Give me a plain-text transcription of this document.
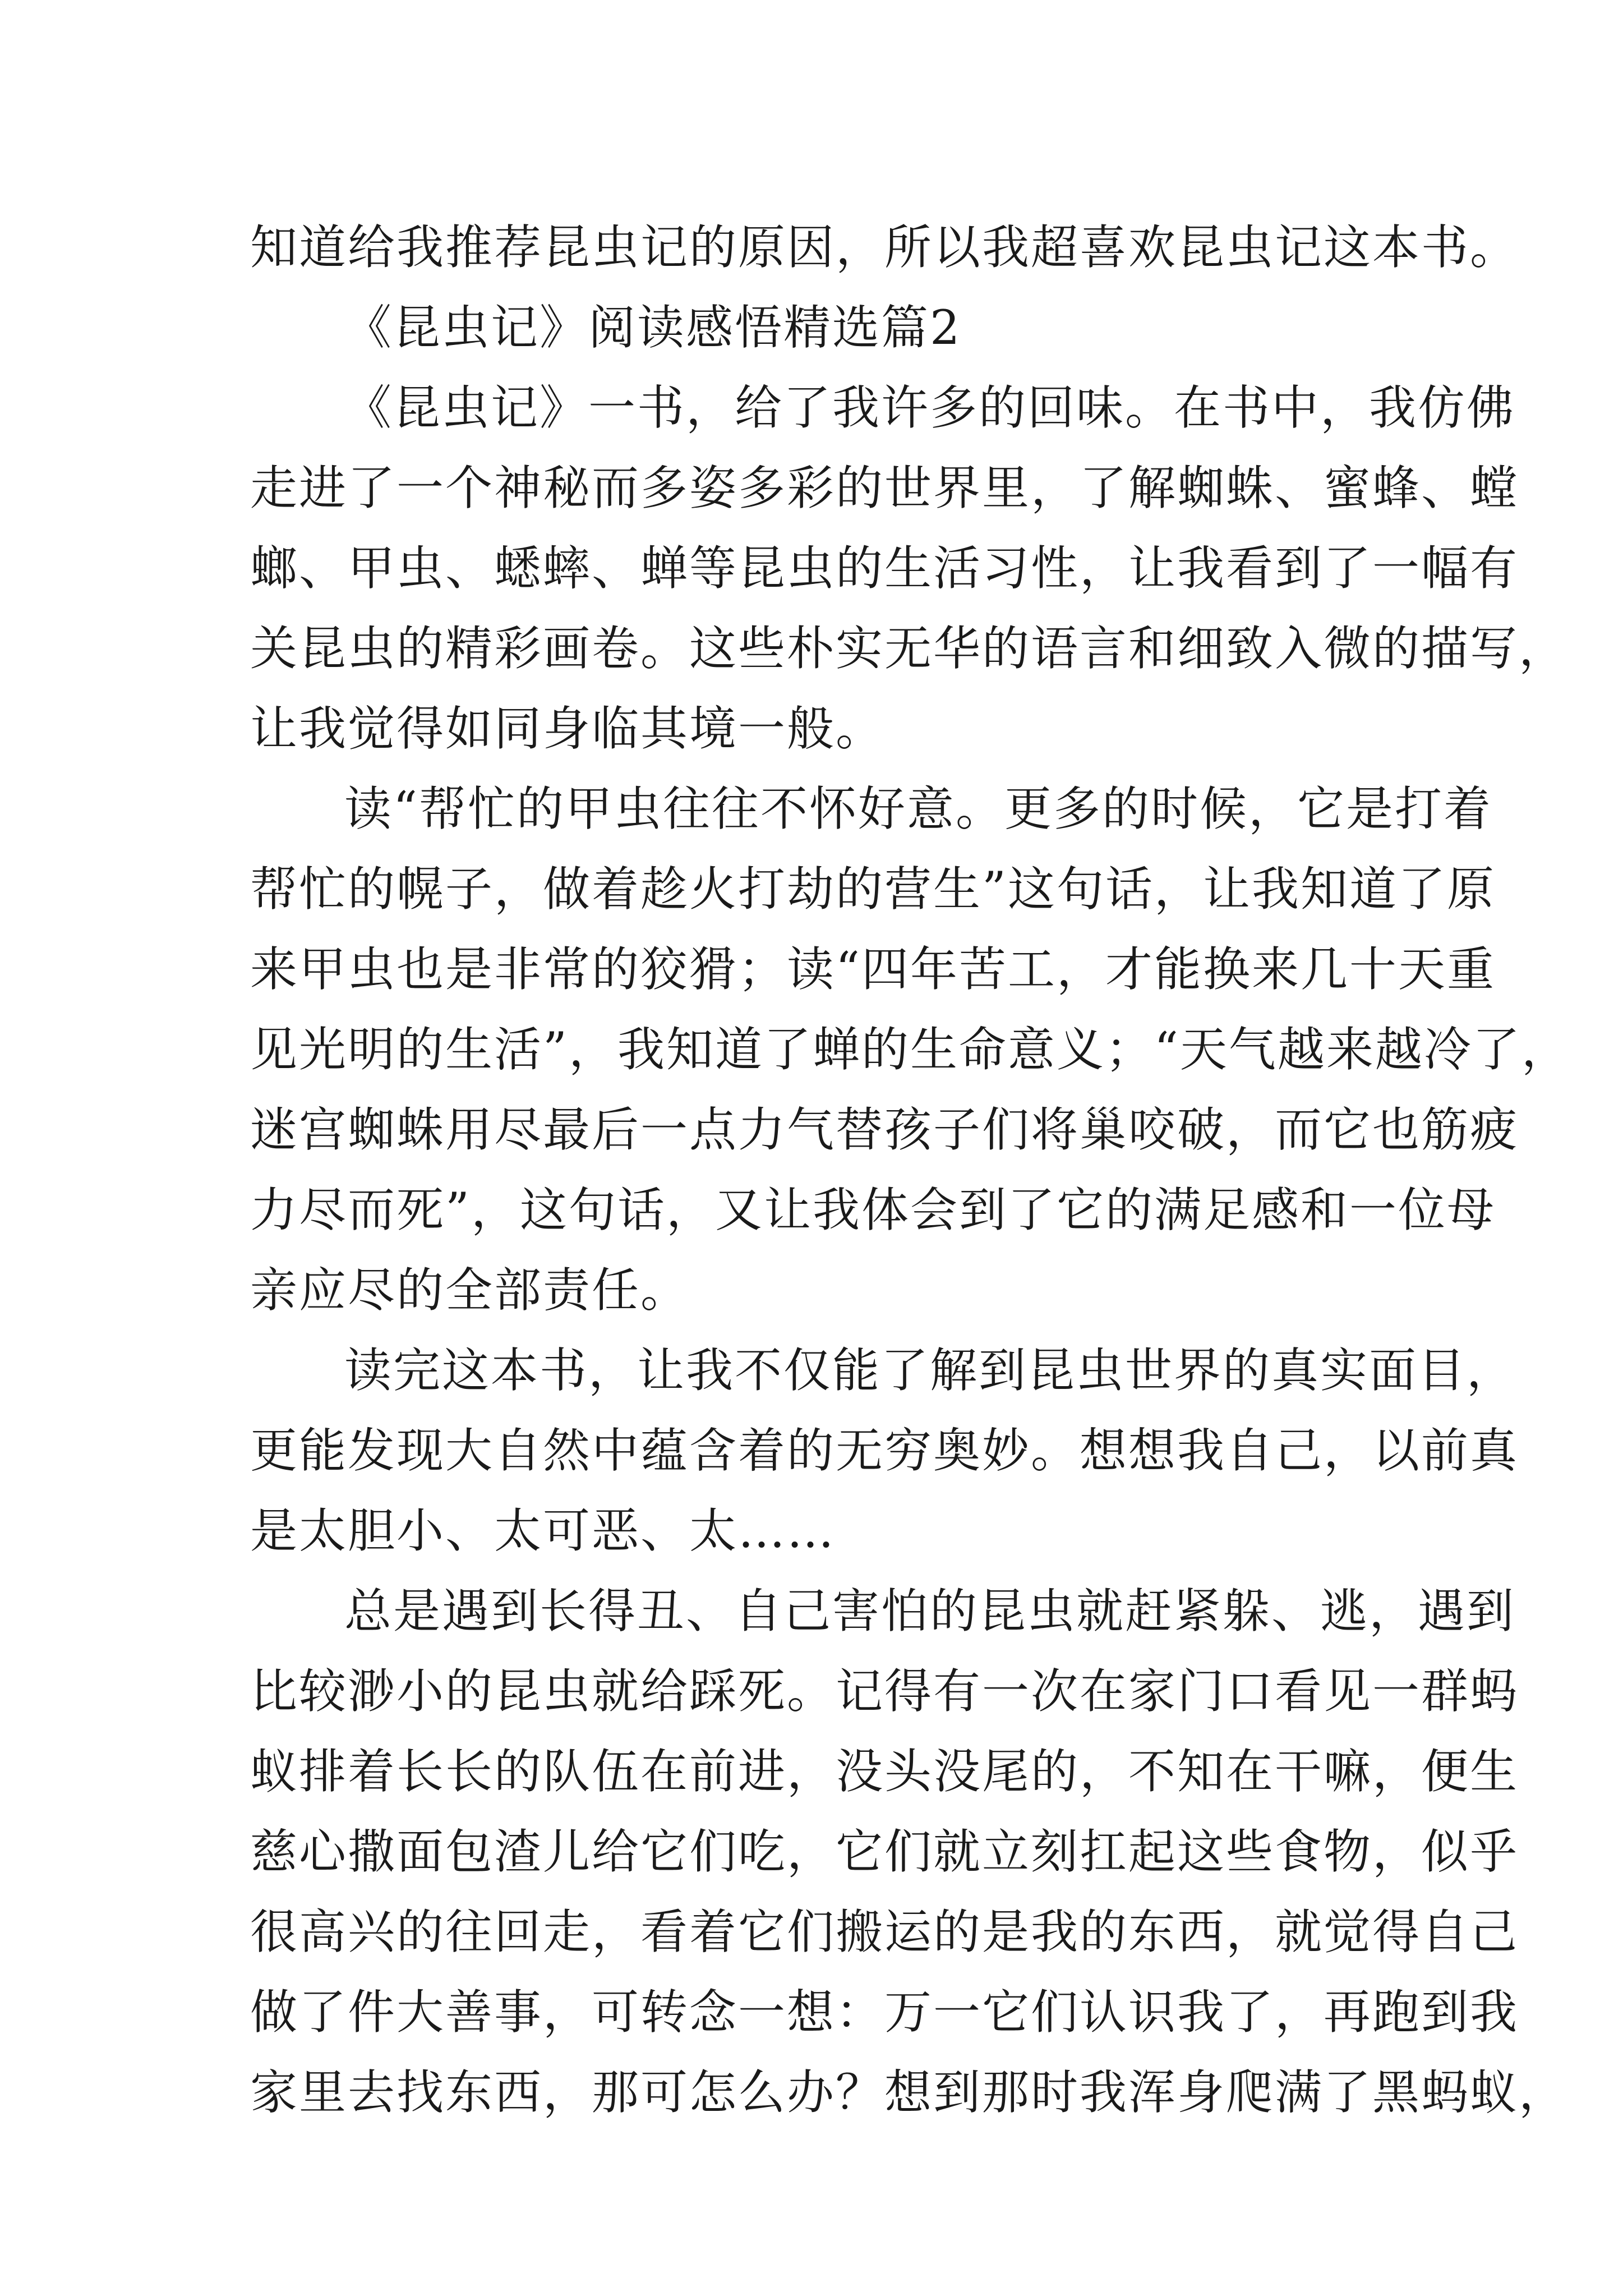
知道给我推荐昆虫记的原因，所以我超喜欢昆虫记这本书。
《昆虫记》阅读感悟精选篇2
《昆虫记》一书，给了我许多的回味。在书中，我仿佛
走进了一个神秘而多姿多彩的世界里，了解蜘蛛、蜜蜂、螳
螂、甲虫、蟋蟀、蝉等昆虫的生活习性，让我看到了一幅有
关昆虫的精彩画卷。这些朴实无华的语言和细致入微的描写，
让我觉得如同身临其境一般。
读“帮忙的甲虫往往不怀好意。更多的时候，它是打着
帮忙的幌子，做着趁火打劫的营生”这句话，让我知道了原
来甲虫也是非常的狡猾；读“四年苦工，才能换来几十天重
见光明的生活”，我知道了蝉的生命意义；“天气越来越冷了，
迷宫蜘蛛用尽最后一点力气替孩子们将巢咬破，而它也筋疲
力尽而死”，这句话，又让我体会到了它的满足感和一位母
亲应尽的全部责任。
读完这本书，让我不仅能了解到昆虫世界的真实面目，
更能发现大自然中蕴含着的无穷奥妙。想想我自己，以前真
是太胆小、太可恶、太……
总是遇到长得丑、自己害怕的昆虫就赶紧躲、逃，遇到
比较渺小的昆虫就给踩死。记得有一次在家门口看见一群蚂
蚁排着长长的队伍在前进，没头没尾的，不知在干嘛，便生
慈心撒面包渣儿给它们吃，它们就立刻扛起这些食物，似乎
很高兴的往回走，看着它们搬运的是我的东西，就觉得自己
做了件大善事，可转念一想：万一它们认识我了，再跑到我
家里去找东西，那可怎么办？想到那时我浑身爬满了黑蚂蚁，
